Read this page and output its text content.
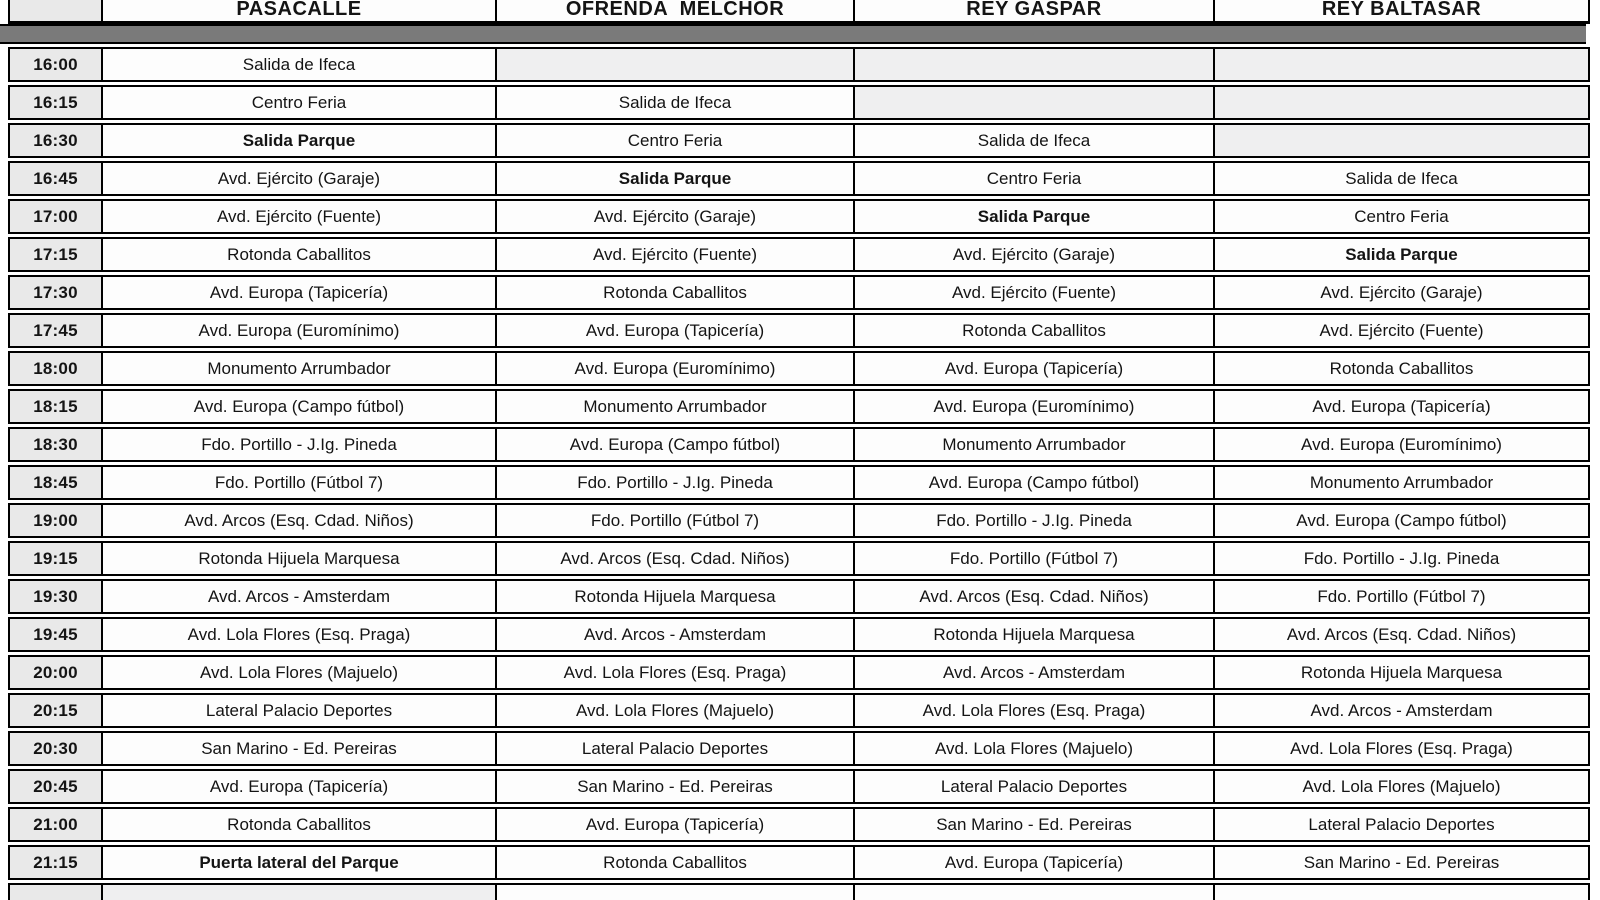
PASACALLE	OFRENDA  MELCHOR	REY GASPAR	REY BALTASAR
16:00	Salida de Ifeca
16:15	Centro Feria	Salida de Ifeca
16:30	Salida Parque	Centro Feria	Salida de Ifeca
16:45	Avd. Ejército (Garaje)	Salida Parque	Centro Feria	Salida de Ifeca
17:00	Avd. Ejército (Fuente)	Avd. Ejército (Garaje)	Salida Parque	Centro Feria
17:15	Rotonda Caballitos	Avd. Ejército (Fuente)	Avd. Ejército (Garaje)	Salida Parque
17:30	Avd. Europa (Tapicería)	Rotonda Caballitos	Avd. Ejército (Fuente)	Avd. Ejército (Garaje)
17:45	Avd. Europa (Euromínimo)	Avd. Europa (Tapicería)	Rotonda Caballitos	Avd. Ejército (Fuente)
18:00	Monumento Arrumbador	Avd. Europa (Euromínimo)	Avd. Europa (Tapicería)	Rotonda Caballitos
18:15	Avd. Europa (Campo fútbol)	Monumento Arrumbador	Avd. Europa (Euromínimo)	Avd. Europa (Tapicería)
18:30	Fdo. Portillo - J.Ig. Pineda	Avd. Europa (Campo fútbol)	Monumento Arrumbador	Avd. Europa (Euromínimo)
18:45	Fdo. Portillo (Fútbol 7)	Fdo. Portillo - J.Ig. Pineda	Avd. Europa (Campo fútbol)	Monumento Arrumbador
19:00	Avd. Arcos (Esq. Cdad. Niños)	Fdo. Portillo (Fútbol 7)	Fdo. Portillo - J.Ig. Pineda	Avd. Europa (Campo fútbol)
19:15	Rotonda Hijuela Marquesa	Avd. Arcos (Esq. Cdad. Niños)	Fdo. Portillo (Fútbol 7)	Fdo. Portillo - J.Ig. Pineda
19:30	Avd. Arcos - Amsterdam	Rotonda Hijuela Marquesa	Avd. Arcos (Esq. Cdad. Niños)	Fdo. Portillo (Fútbol 7)
19:45	Avd. Lola Flores (Esq. Praga)	Avd. Arcos - Amsterdam	Rotonda Hijuela Marquesa	Avd. Arcos (Esq. Cdad. Niños)
20:00	Avd. Lola Flores (Majuelo)	Avd. Lola Flores (Esq. Praga)	Avd. Arcos - Amsterdam	Rotonda Hijuela Marquesa
20:15	Lateral Palacio Deportes	Avd. Lola Flores (Majuelo)	Avd. Lola Flores (Esq. Praga)	Avd. Arcos - Amsterdam
20:30	San Marino - Ed. Pereiras	Lateral Palacio Deportes	Avd. Lola Flores (Majuelo)	Avd. Lola Flores (Esq. Praga)
20:45	Avd. Europa (Tapicería)	San Marino - Ed. Pereiras	Lateral Palacio Deportes	Avd. Lola Flores (Majuelo)
21:00	Rotonda Caballitos	Avd. Europa (Tapicería)	San Marino - Ed. Pereiras	Lateral Palacio Deportes
21:15	Puerta lateral del Parque	Rotonda Caballitos	Avd. Europa (Tapicería)	San Marino - Ed. Pereiras
